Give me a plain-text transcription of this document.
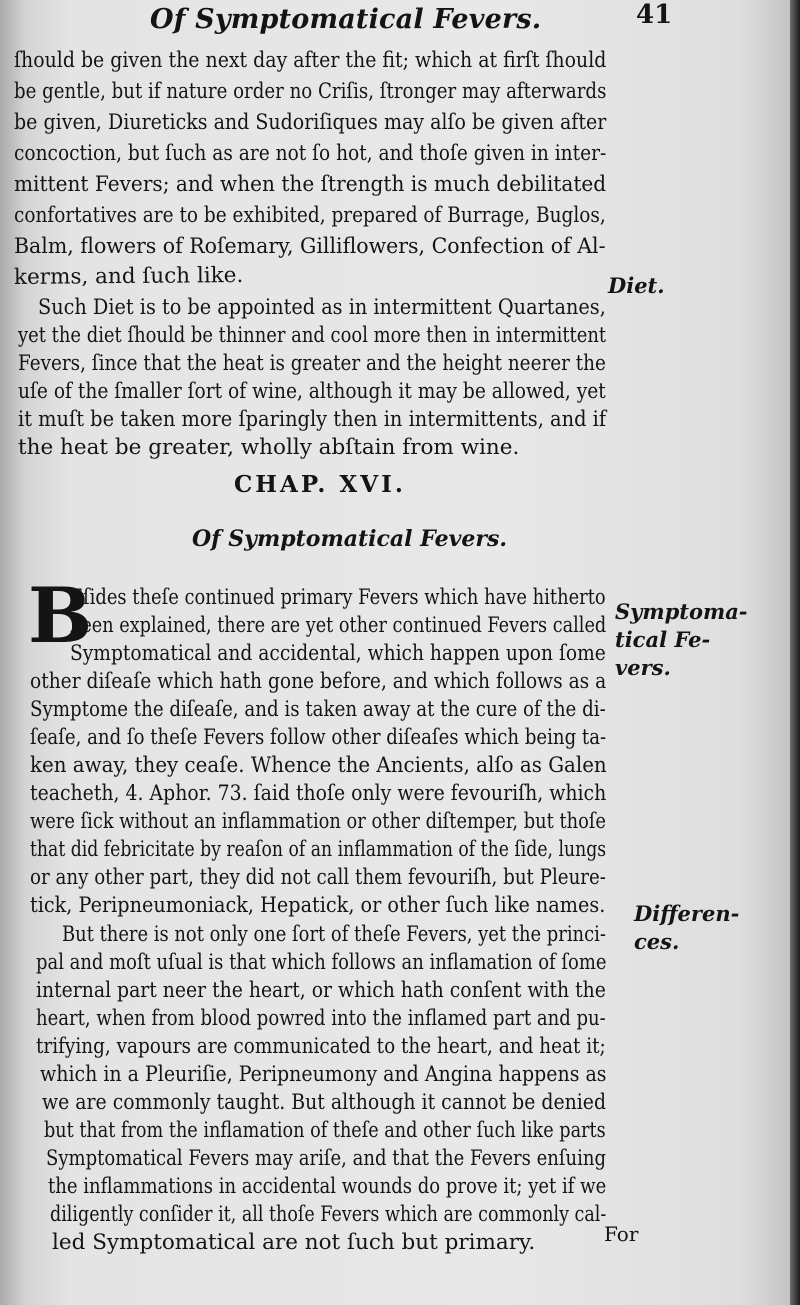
Of Symptomatical Fevers.	41
ſhould be given the next day after the fit; which at firſt ſhould
be gentle, but if nature order no Criſis, ſtronger may afterwards
be given, Diureticks and Sudoriſiques may alſo be given after
concoction, but ſuch as are not ſo hot, and thoſe given in inter-
mittent Fevers; and when the ſtrength is much debilitated
confortatives are to be exhibited, prepared of Burrage, Buglos,
Balm, flowers of Roſemary, Gilliflowers, Confection of Al-
kerms, and ſuch like.
Such Diet is to be appointed as in intermittent Quartanes,
yet the diet ſhould be thinner and cool more then in intermittent
Fevers, ſince that the heat is greater and the height neerer the
uſe of the ſmaller ſort of wine, although it may be allowed, yet
it muſt be taken more ſparingly then in intermittents, and if
the heat be greater, wholly abſtain from wine.
Diet.
CHAP. XVI.
Of Symptomatical Fevers.
B
Eſides theſe continued primary Fevers which have hitherto
been explained, there are yet other continued Fevers called
Symptomatical and accidental, which happen upon ſome
other diſeaſe which hath gone before, and which follows as a
Symptome the diſeaſe, and is taken away at the cure of the di-
ſeaſe, and ſo theſe Fevers follow other diſeaſes which being ta-
ken away, they ceaſe. Whence the Ancients, alſo as Galen
teacheth, 4. Aphor. 73. ſaid thoſe only were fevouriſh, which
were ſick without an inflammation or other diſtemper, but thoſe
that did febricitate by reaſon of an inflammation of the ſide, lungs
or any other part, they did not call them fevouriſh, but Pleure-
tick, Peripneumoniack, Hepatick, or other ſuch like names.
Symptoma-
tical Fe-
vers.
But there is not only one ſort of theſe Fevers, yet the princi-
pal and moſt uſual is that which follows an inflamation of ſome
internal part neer the heart, or which hath conſent with the
heart, when from blood powred into the inflamed part and pu-
trifying, vapours are communicated to the heart, and heat it;
which in a Pleuriſie, Peripneumony and Angina happens as
we are commonly taught. But although it cannot be denied
but that from the inflamation of theſe and other ſuch like parts
Symptomatical Fevers may ariſe, and that the Fevers enſuing
the inflammations in accidental wounds do prove it; yet if we
diligently conſider it, all thoſe Fevers which are commonly cal-
led Symptomatical are not ſuch but primary.
Differen-
ces.
For
